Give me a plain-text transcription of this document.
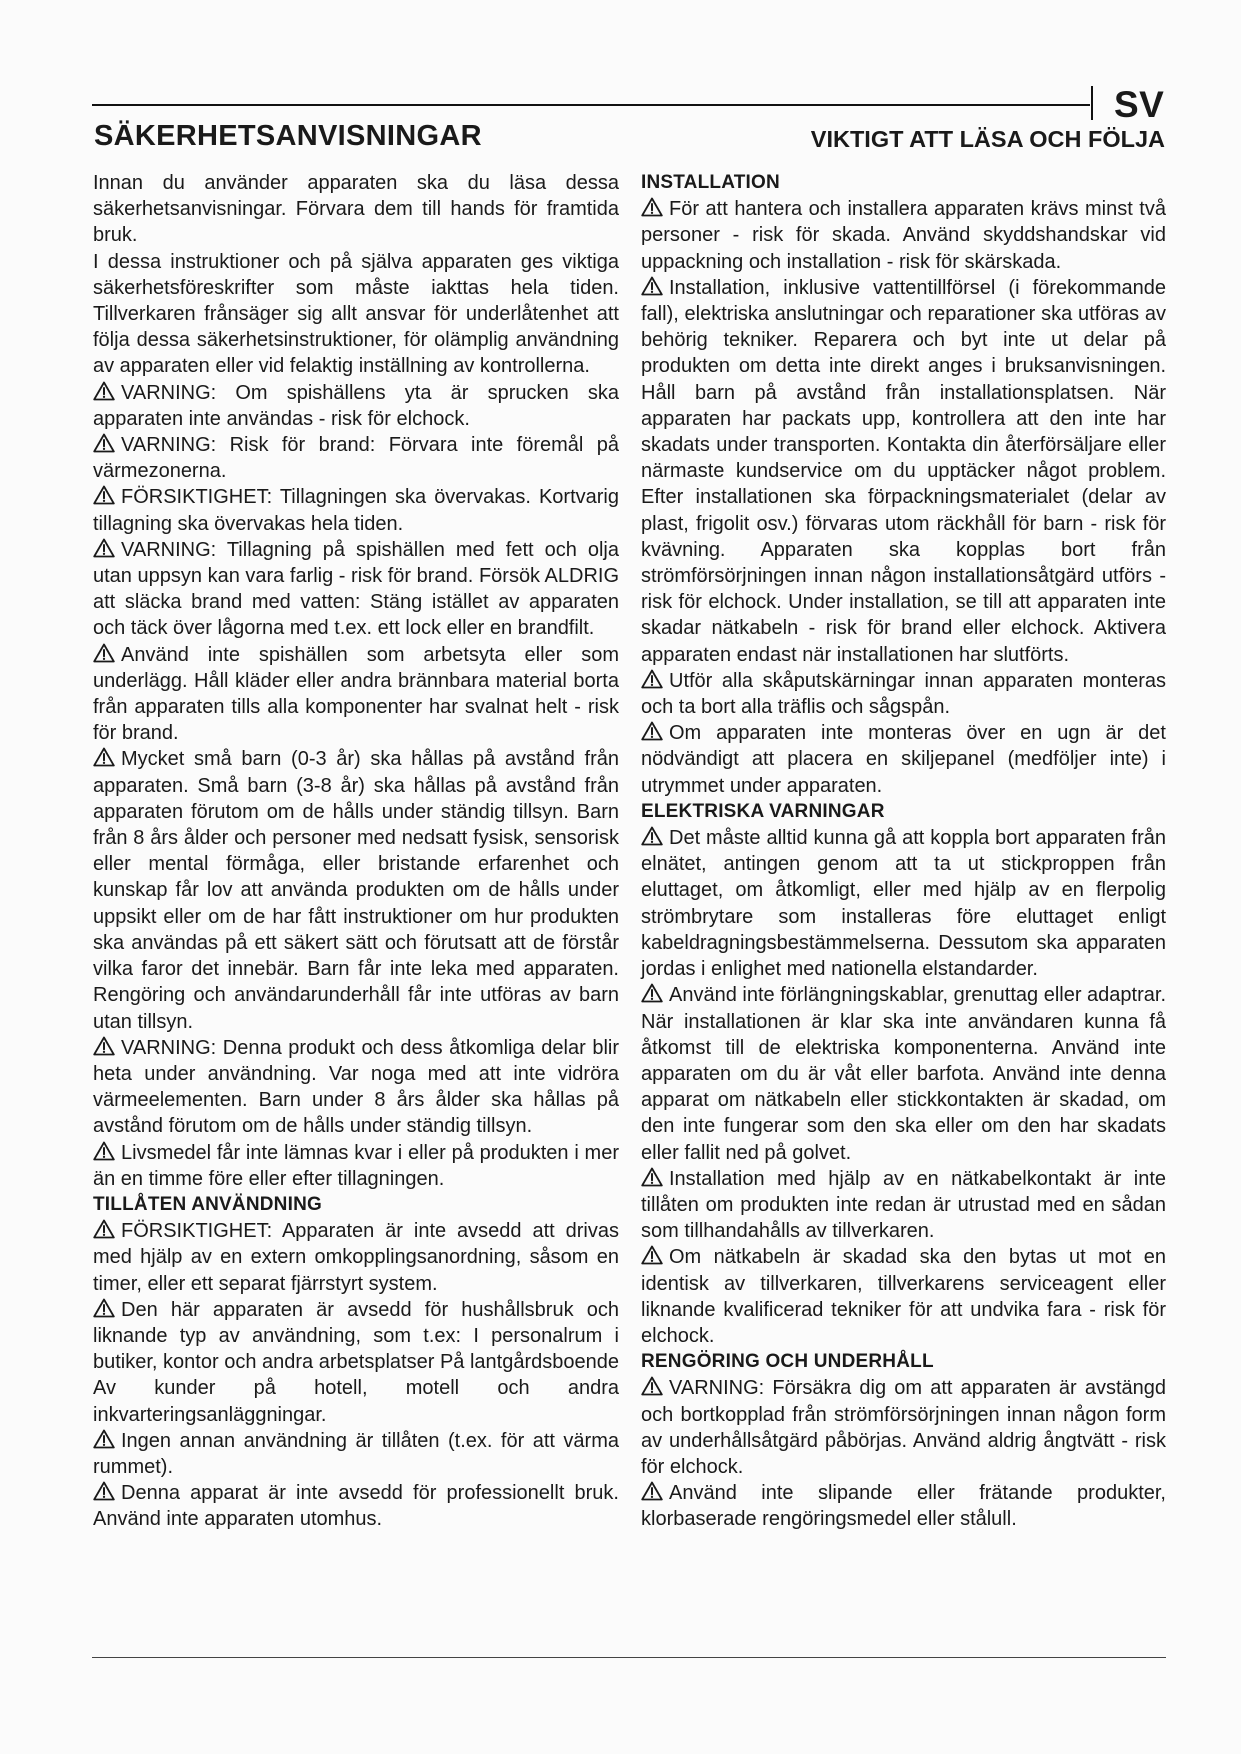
SV
SÄKERHETSANVISNINGAR	VIKTIGT ATT LÄSA OCH FÖLJA

Innan du använder apparaten ska du läsa dessa säkerhetsanvisningar. Förvara dem till hands för framtida bruk.

I dessa instruktioner och på själva apparaten ges viktiga säkerhetsföreskrifter som måste iakttas hela tiden. Tillverkaren frånsäger sig allt ansvar för underlåtenhet att följa dessa säkerhetsinstruktioner, för olämplig användning av apparaten eller vid felaktig inställning av kontrollerna.

VARNING: Om spishällens yta är sprucken ska apparaten inte användas - risk för elchock.

VARNING: Risk för brand: Förvara inte föremål på värmezonerna.

FÖRSIKTIGHET: Tillagningen ska övervakas. Kortvarig tillagning ska övervakas hela tiden.

VARNING: Tillagning på spishällen med fett och olja utan uppsyn kan vara farlig - risk för brand. Försök ALDRIG att släcka brand med vatten: Stäng istället av apparaten och täck över lågorna med t.ex. ett lock eller en brandfilt.

Använd inte spishällen som arbetsyta eller som underlägg. Håll kläder eller andra brännbara material borta från apparaten tills alla komponenter har svalnat helt - risk för brand.

Mycket små barn (0-3 år) ska hållas på avstånd från apparaten. Små barn (3-8 år) ska hållas på avstånd från apparaten förutom om de hålls under ständig tillsyn. Barn från 8 års ålder och personer med nedsatt fysisk, sensorisk eller mental förmåga, eller bristande erfarenhet och kunskap får lov att använda produkten om de hålls under uppsikt eller om de har fått instruktioner om hur produkten ska användas på ett säkert sätt och förutsatt att de förstår vilka faror det innebär. Barn får inte leka med apparaten. Rengöring och användarunderhåll får inte utföras av barn utan tillsyn.

VARNING: Denna produkt och dess åtkomliga delar blir heta under användning. Var noga med att inte vidröra värmeelementen. Barn under 8 års ålder ska hållas på avstånd förutom om de hålls under ständig tillsyn.

Livsmedel får inte lämnas kvar i eller på produkten i mer än en timme före eller efter tillagningen.

TILLÅTEN ANVÄNDNING

FÖRSIKTIGHET: Apparaten är inte avsedd att drivas med hjälp av en extern omkopplingsanordning, såsom en timer, eller ett separat fjärrstyrt system.

Den här apparaten är avsedd för hushållsbruk och liknande typ av användning, som t.ex: I personalrum i butiker, kontor och andra arbetsplatser På lantgårdsboende Av kunder på hotell, motell och andra inkvarteringsanläggningar.

Ingen annan användning är tillåten (t.ex. för att värma rummet).

Denna apparat är inte avsedd för professionellt bruk. Använd inte apparaten utomhus.

INSTALLATION

För att hantera och installera apparaten krävs minst två personer - risk för skada. Använd skyddshandskar vid uppackning och installation - risk för skärskada.

Installation, inklusive vattentillförsel (i förekommande fall), elektriska anslutningar och reparationer ska utföras av behörig tekniker. Reparera och byt inte ut delar på produkten om detta inte direkt anges i bruksanvisningen. Håll barn på avstånd från installationsplatsen. När apparaten har packats upp, kontrollera att den inte har skadats under transporten. Kontakta din återförsäljare eller närmaste kundservice om du upptäcker något problem. Efter installationen ska förpackningsmaterialet (delar av plast, frigolit osv.) förvaras utom räckhåll för barn - risk för kvävning. Apparaten ska kopplas bort från strömförsörjningen innan någon installationsåtgärd utförs - risk för elchock. Under installation, se till att apparaten inte skadar nätkabeln - risk för brand eller elchock. Aktivera apparaten endast när installationen har slutförts.

Utför alla skåputskärningar innan apparaten monteras och ta bort alla träflis och sågspån.

Om apparaten inte monteras över en ugn är det nödvändigt att placera en skiljepanel (medföljer inte) i utrymmet under apparaten.

ELEKTRISKA VARNINGAR

Det måste alltid kunna gå att koppla bort apparaten från elnätet, antingen genom att ta ut stickproppen från eluttaget, om åtkomligt, eller med hjälp av en flerpolig strömbrytare som installeras före eluttaget enligt kabeldragningsbestämmelserna. Dessutom ska apparaten jordas i enlighet med nationella elstandarder.

Använd inte förlängningskablar, grenuttag eller adaptrar. När installationen är klar ska inte användaren kunna få åtkomst till de elektriska komponenterna. Använd inte apparaten om du är våt eller barfota. Använd inte denna apparat om nätkabeln eller stickkontakten är skadad, om den inte fungerar som den ska eller om den har skadats eller fallit ned på golvet.

Installation med hjälp av en nätkabelkontakt är inte tillåten om produkten inte redan är utrustad med en sådan som tillhandahålls av tillverkaren.

Om nätkabeln är skadad ska den bytas ut mot en identisk av tillverkaren, tillverkarens serviceagent eller liknande kvalificerad tekniker för att undvika fara - risk för elchock.

RENGÖRING OCH UNDERHÅLL

VARNING: Försäkra dig om att apparaten är avstängd och bortkopplad från strömförsörjningen innan någon form av underhållsåtgärd påbörjas. Använd aldrig ångtvätt - risk för elchock.

Använd inte slipande eller frätande produkter, klorbaserade rengöringsmedel eller stålull.
